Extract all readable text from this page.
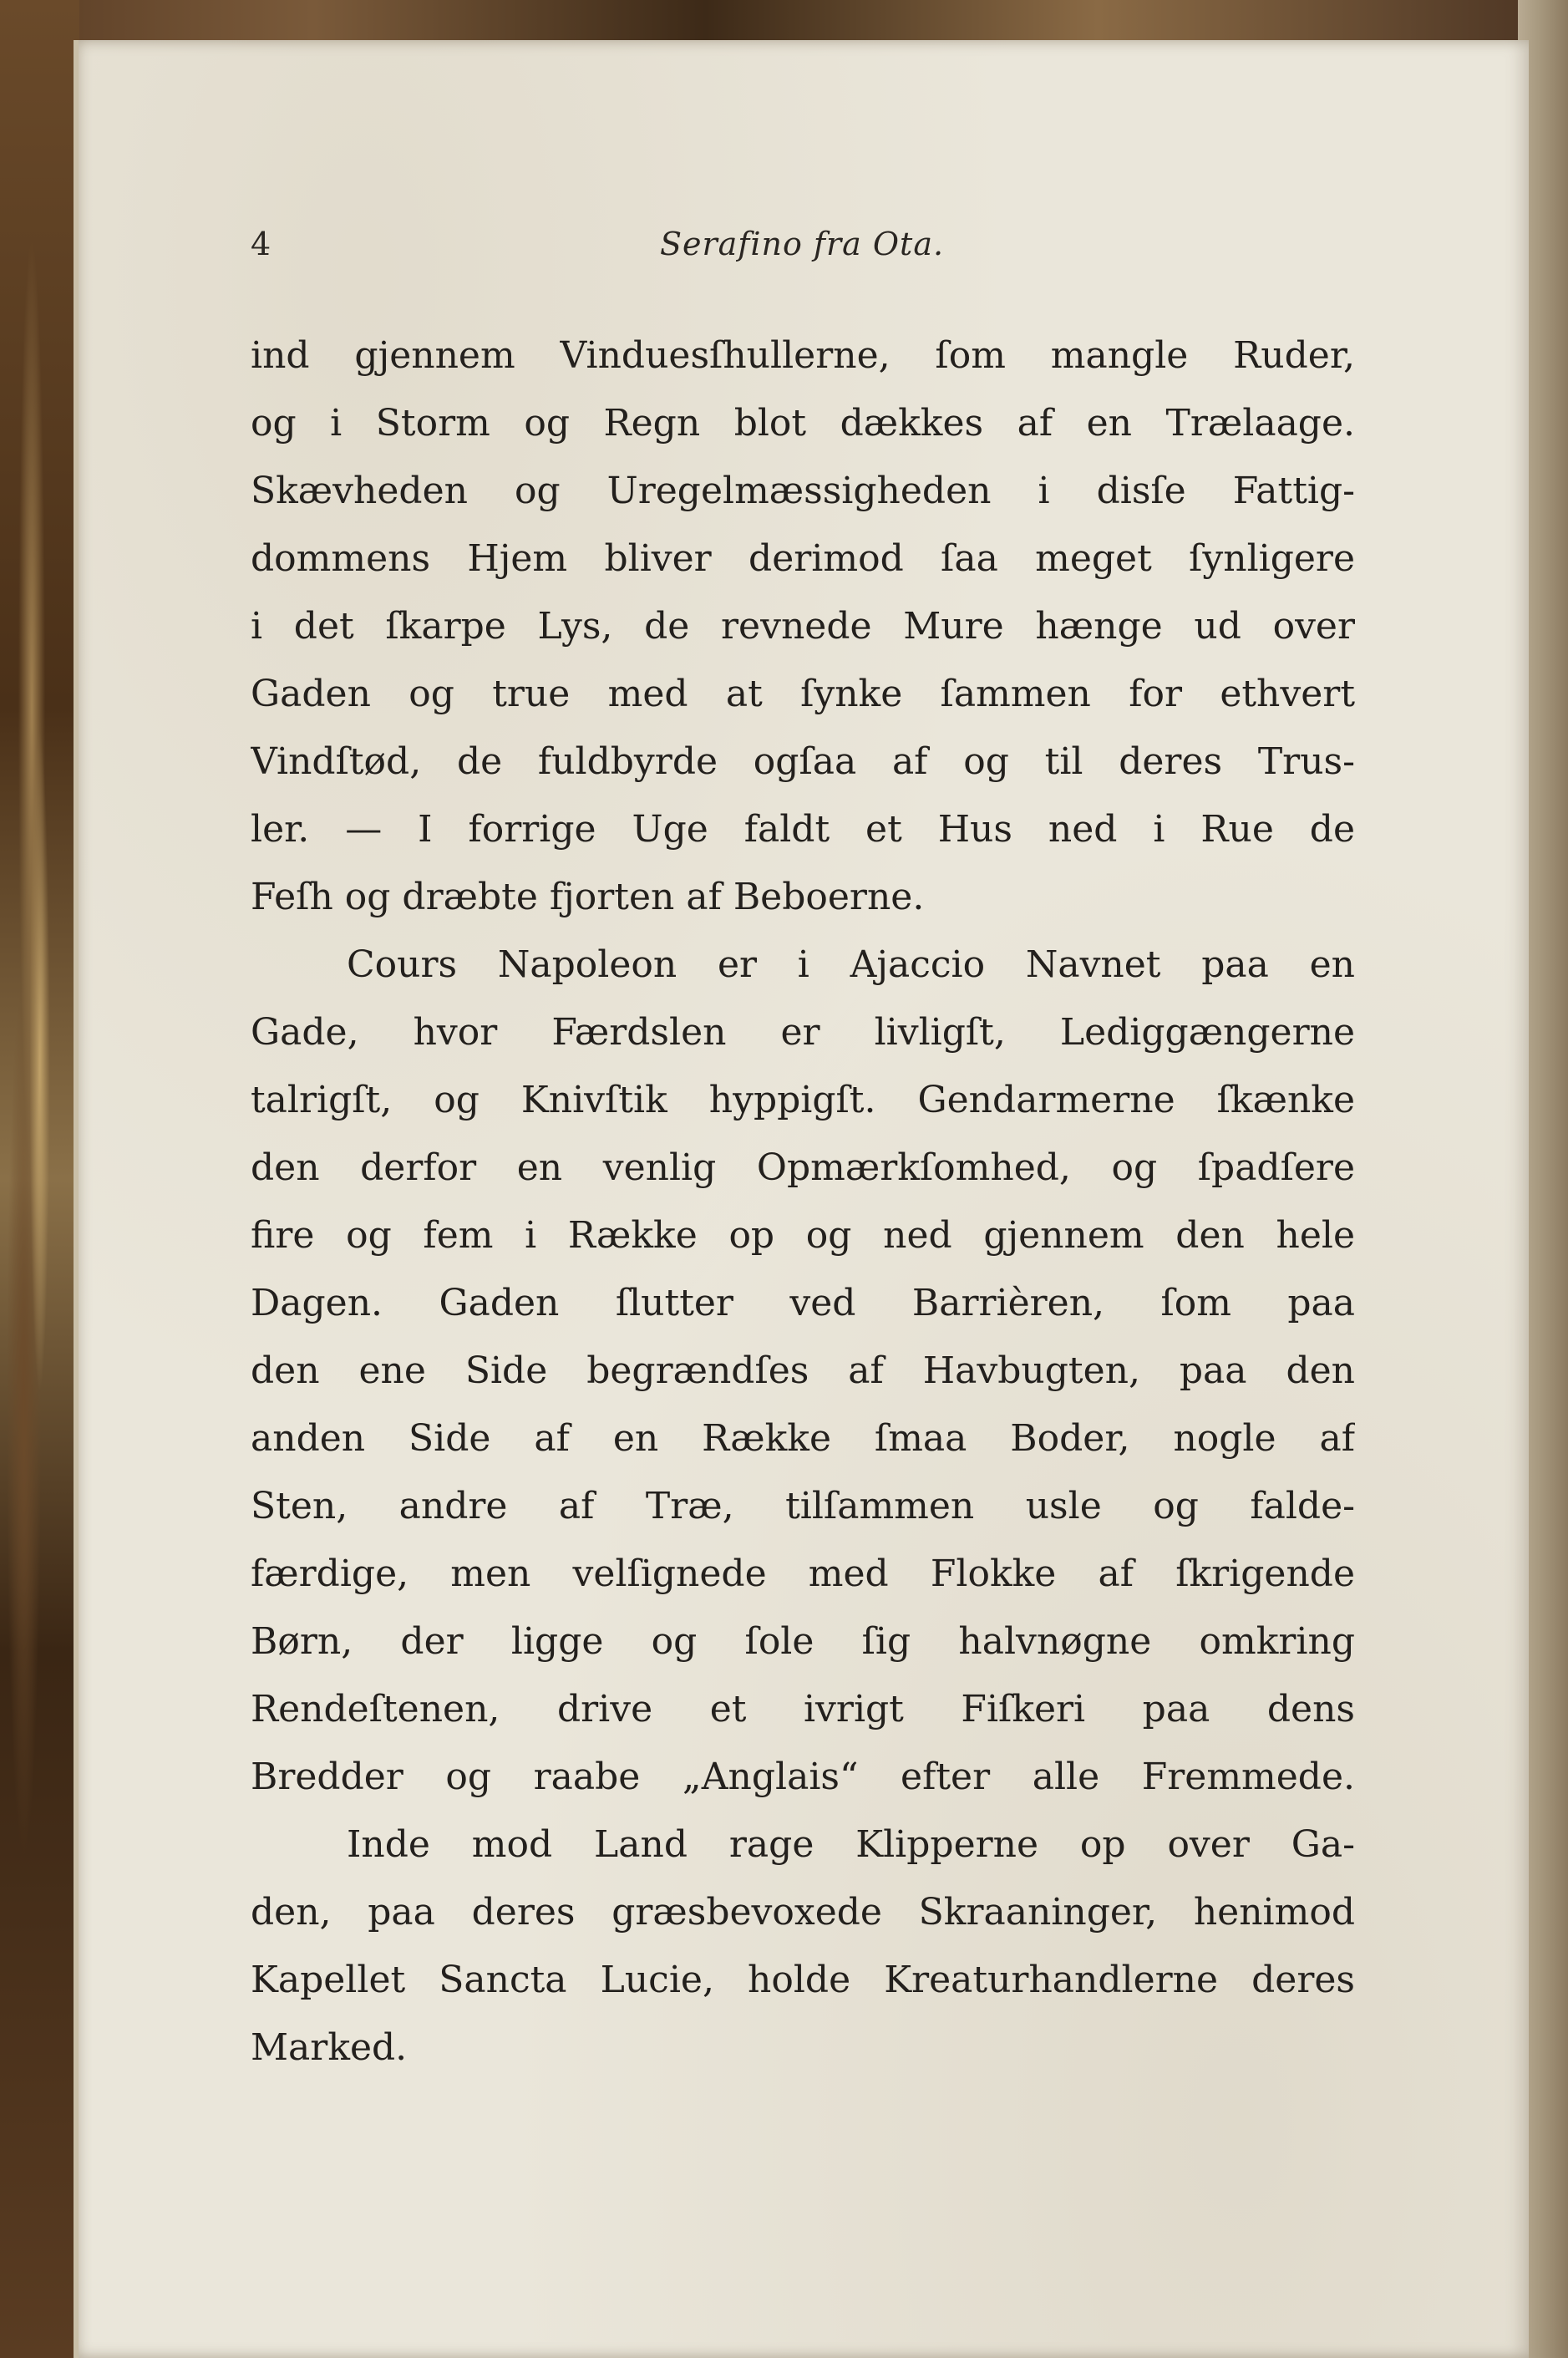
4	Serafino fra Ota.
ind gjennem Vinduesſhullerne, ſom mangle Ruder,
og i Storm og Regn blot dækkes af en Trælaage.
Skævheden og Uregelmæssigheden i disſe Fattig-
dommens Hjem bliver derimod ſaa meget ſynligere
i det ſkarpe Lys, de revnede Mure hænge ud over
Gaden og true med at ſynke ſammen for ethvert
Vindſtød, de fuldbyrde ogſaa af og til deres Trus-
ler. — I forrige Uge faldt et Hus ned i Rue de
Feſh og dræbte fjorten af Beboerne.
Cours Napoleon er i Ajaccio Navnet paa en
Gade, hvor Færdslen er livligſt, Lediggængerne
talrigſt, og Knivſtik hyppigſt. Gendarmerne ſkænke
den derfor en venlig Opmærkſomhed, og ſpadſere
fire og fem i Række op og ned gjennem den hele
Dagen. Gaden ſlutter ved Barrièren, ſom paa
den ene Side begrændſes af Havbugten, paa den
anden Side af en Række ſmaa Boder, nogle af
Sten, andre af Træ, tilſammen usle og falde-
færdige, men velſignede med Flokke af ſkrigende
Børn, der ligge og ſole ſig halvnøgne omkring
Rendeſtenen, drive et ivrigt Fiſkeri paa dens
Bredder og raabe „Anglais“ efter alle Fremmede.
Inde mod Land rage Klipperne op over Ga-
den, paa deres græsbevoxede Skraaninger, henimod
Kapellet Sancta Lucie, holde Kreaturhandlerne deres
Marked.
